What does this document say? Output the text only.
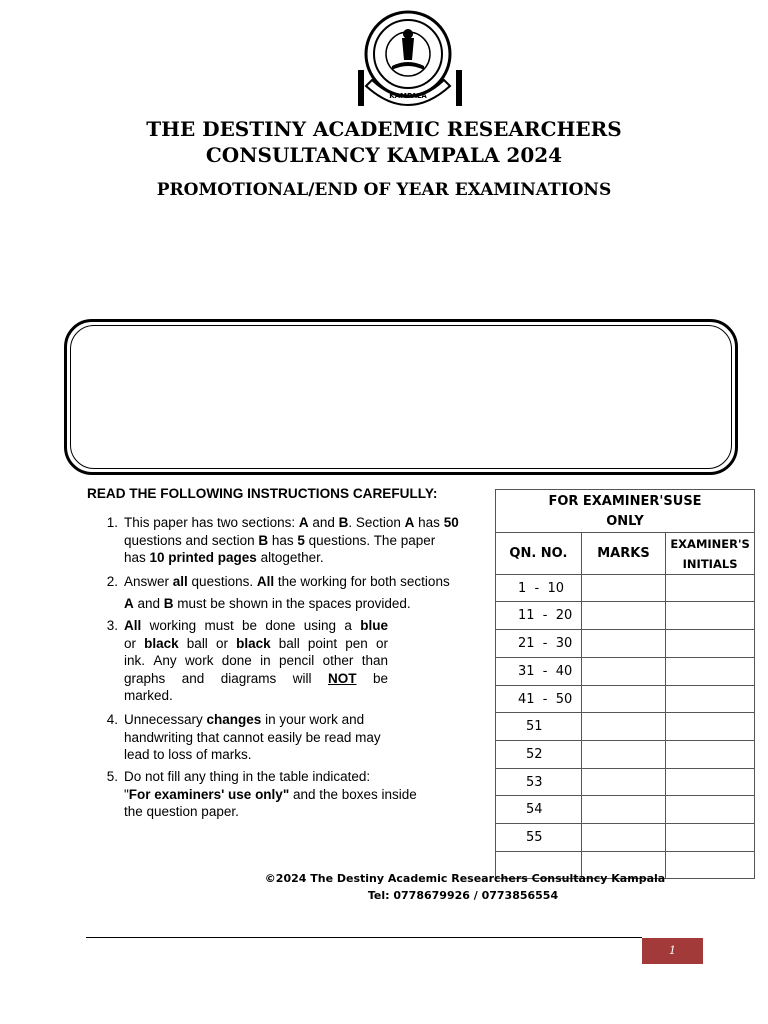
KAMPALA
THE DESTINY ACADEMIC RESEARCHERS
CONSULTANCY KAMPALA 2024
PROMOTIONAL/END OF YEAR EXAMINATIONS
READ THE FOLLOWING INSTRUCTIONS CAREFULLY:
1. This paper has two sections: A and B. Section A has 50
questions and section B has 5 questions. The paper
has 10 printed pages altogether.
2. Answer all questions. All the working for both sections
A and B must be shown in the spaces provided.
3. All working must be done using a blue
or black ball or black ball point pen or
ink. Any work done in pencil other than
graphs and diagrams will NOT be
marked.
4. Unnecessary changes in your work and
handwriting that cannot easily be read may
lead to loss of marks.
5. Do not fill any thing in the table indicated:
"For examiners' use only" and the boxes inside
the question paper.
FOR EXAMINER'SUSE
ONLY		
QN. NO.	MARKS	EXAMINER'S
INITIALS
1  -  10		
11  -  20		
21  -  30		
31  -  40		
41  -  50		
51		
52		
53		
54		
55		

©2024 The Destiny Academic Researchers Consultancy Kampala
Tel: 0778679926 / 0773856554
1
